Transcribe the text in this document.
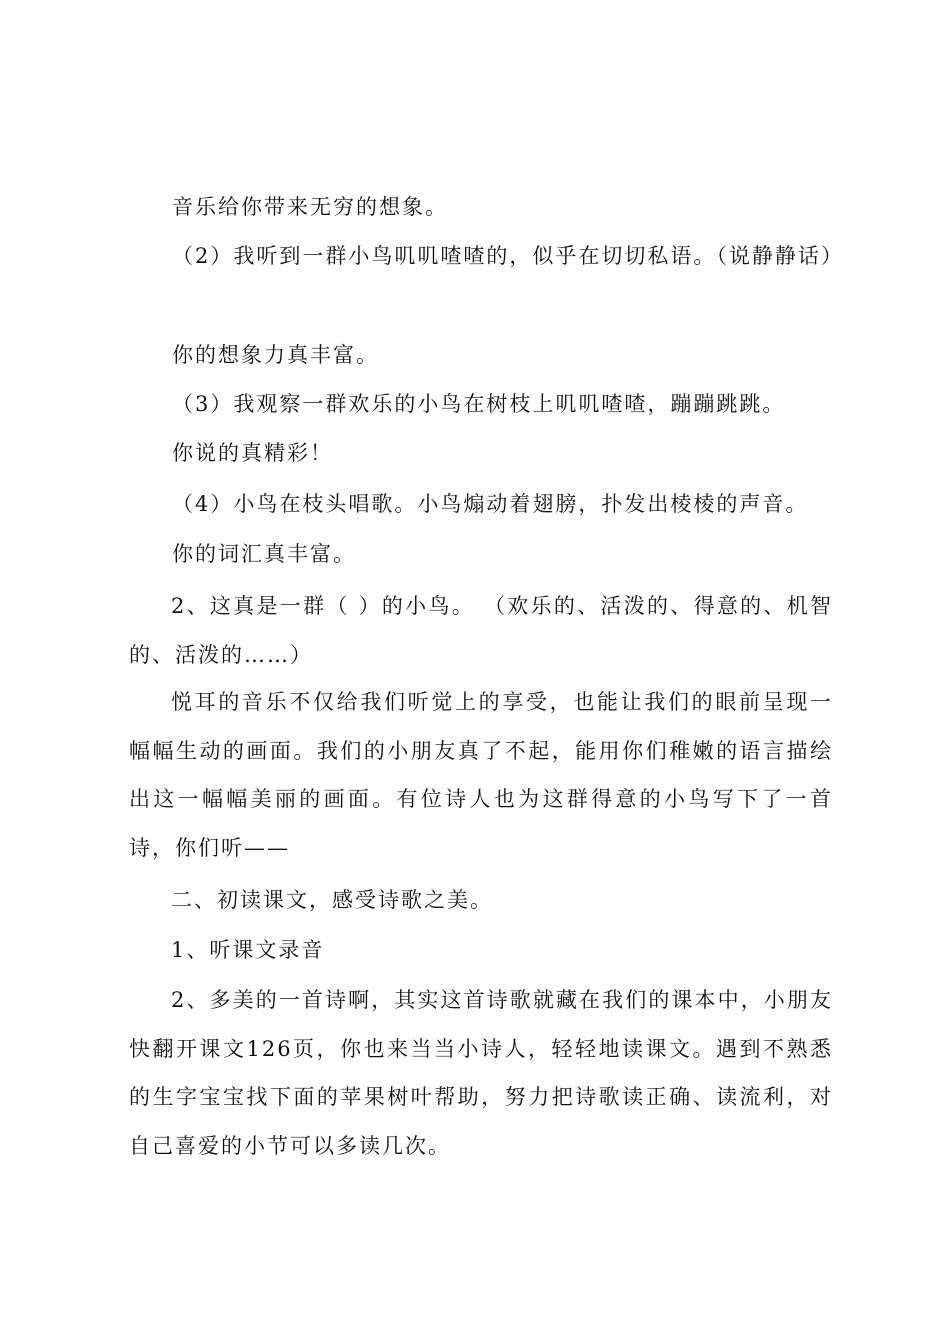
音乐给你带来无穷的想象。
（2）我听到一群小鸟叽叽喳喳的，似乎在切切私语。（说静静话）
你的想象力真丰富。
（3）我观察一群欢乐的小鸟在树枝上叽叽喳喳，蹦蹦跳跳。
你说的真精彩！
（4）小鸟在枝头唱歌。小鸟煽动着翅膀，扑发出棱棱的声音。
你的词汇真丰富。
2、这真是一群（ ）的小鸟。 （欢乐的、活泼的、得意的、机智的、活泼的……）
悦耳的音乐不仅给我们听觉上的享受，也能让我们的眼前呈现一幅幅生动的画面。我们的小朋友真了不起，能用你们稚嫩的语言描绘出这一幅幅美丽的画面。有位诗人也为这群得意的小鸟写下了一首诗，你们听——
二、初读课文，感受诗歌之美。
1、听课文录音
2、多美的一首诗啊，其实这首诗歌就藏在我们的课本中，小朋友快翻开课文126页，你也来当当小诗人，轻轻地读课文。遇到不熟悉的生字宝宝找下面的苹果树叶帮助，努力把诗歌读正确、读流利，对自己喜爱的小节可以多读几次。
